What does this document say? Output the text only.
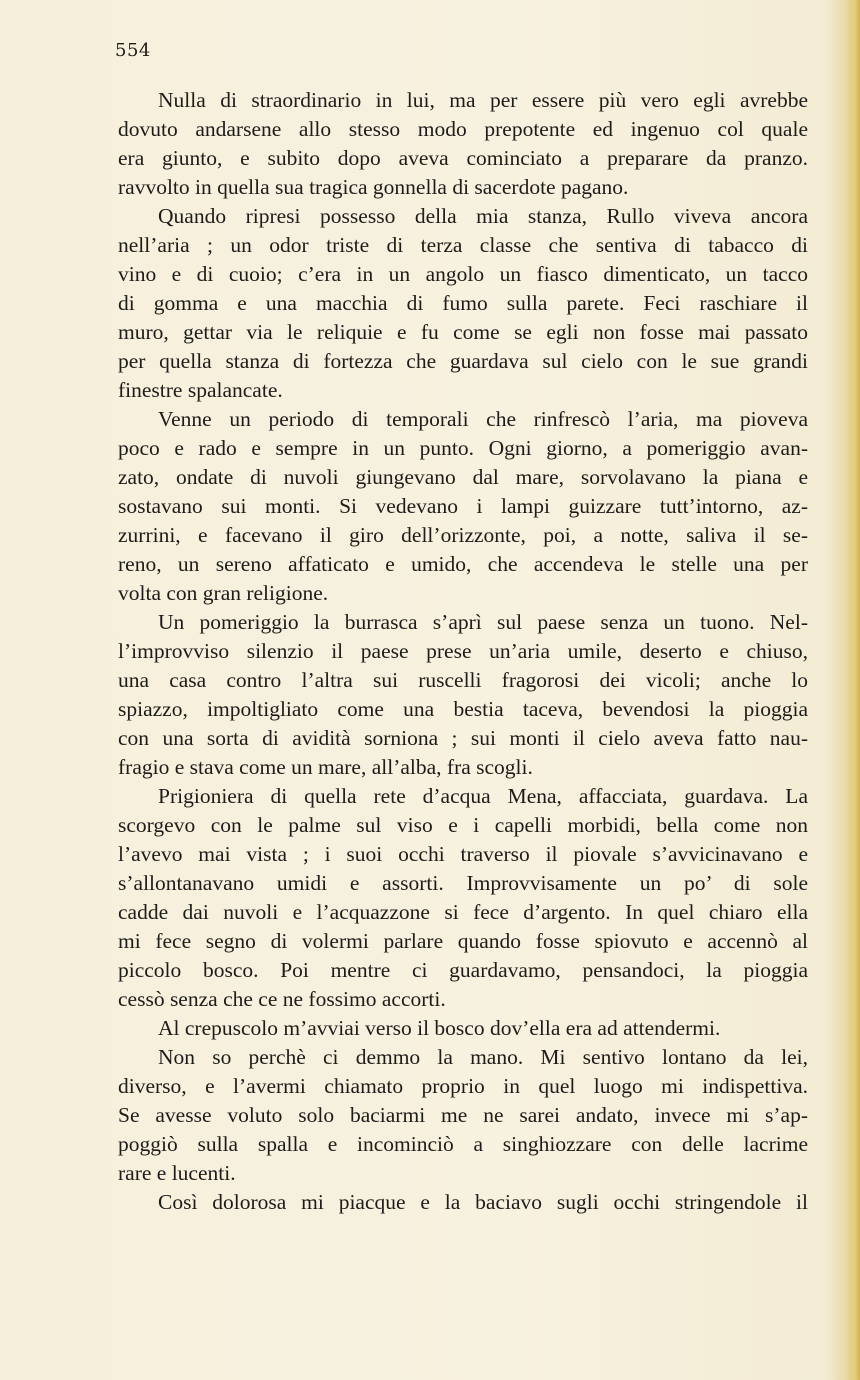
554
Nulla di straordinario in lui, ma per essere più vero egli avrebbe
dovuto andarsene allo stesso modo prepotente ed ingenuo col quale
era giunto, e subito dopo aveva cominciato a preparare da pranzo.
ravvolto in quella sua tragica gonnella di sacerdote pagano.
Quando ripresi possesso della mia stanza, Rullo viveva ancora
nell’aria ; un odor triste di terza classe che sentiva di tabacco di
vino e di cuoio; c’era in un angolo un fiasco dimenticato, un tacco
di gomma e una macchia di fumo sulla parete. Feci raschiare il
muro, gettar via le reliquie e fu come se egli non fosse mai passato
per quella stanza di fortezza che guardava sul cielo con le sue grandi
finestre spalancate.
Venne un periodo di temporali che rinfrescò l’aria, ma pioveva
poco e rado e sempre in un punto. Ogni giorno, a pomeriggio avan-
zato, ondate di nuvoli giungevano dal mare, sorvolavano la piana e
sostavano sui monti. Si vedevano i lampi guizzare tutt’intorno, az-
zurrini, e facevano il giro dell’orizzonte, poi, a notte, saliva il se-
reno, un sereno affaticato e umido, che accendeva le stelle una per
volta con gran religione.
Un pomeriggio la burrasca s’aprì sul paese senza un tuono. Nel-
l’improvviso silenzio il paese prese un’aria umile, deserto e chiuso,
una casa contro l’altra sui ruscelli fragorosi dei vicoli; anche lo
spiazzo, impoltigliato come una bestia taceva, bevendosi la pioggia
con una sorta di avidità sorniona ; sui monti il cielo aveva fatto nau-
fragio e stava come un mare, all’alba, fra scogli.
Prigioniera di quella rete d’acqua Mena, affacciata, guardava. La
scorgevo con le palme sul viso e i capelli morbidi, bella come non
l’avevo mai vista ; i suoi occhi traverso il piovale s’avvicinavano e
s’allontanavano umidi e assorti. Improvvisamente un po’ di sole
cadde dai nuvoli e l’acquazzone si fece d’argento. In quel chiaro ella
mi fece segno di volermi parlare quando fosse spiovuto e accennò al
piccolo bosco. Poi mentre ci guardavamo, pensandoci, la pioggia
cessò senza che ce ne fossimo accorti.
Al crepuscolo m’avviai verso il bosco dov’ella era ad attendermi.
Non so perchè ci demmo la mano. Mi sentivo lontano da lei,
diverso, e l’avermi chiamato proprio in quel luogo mi indispettiva.
Se avesse voluto solo baciarmi me ne sarei andato, invece mi s’ap-
poggiò sulla spalla e incominciò a singhiozzare con delle lacrime
rare e lucenti.
Così dolorosa mi piacque e la baciavo sugli occhi stringendole il
